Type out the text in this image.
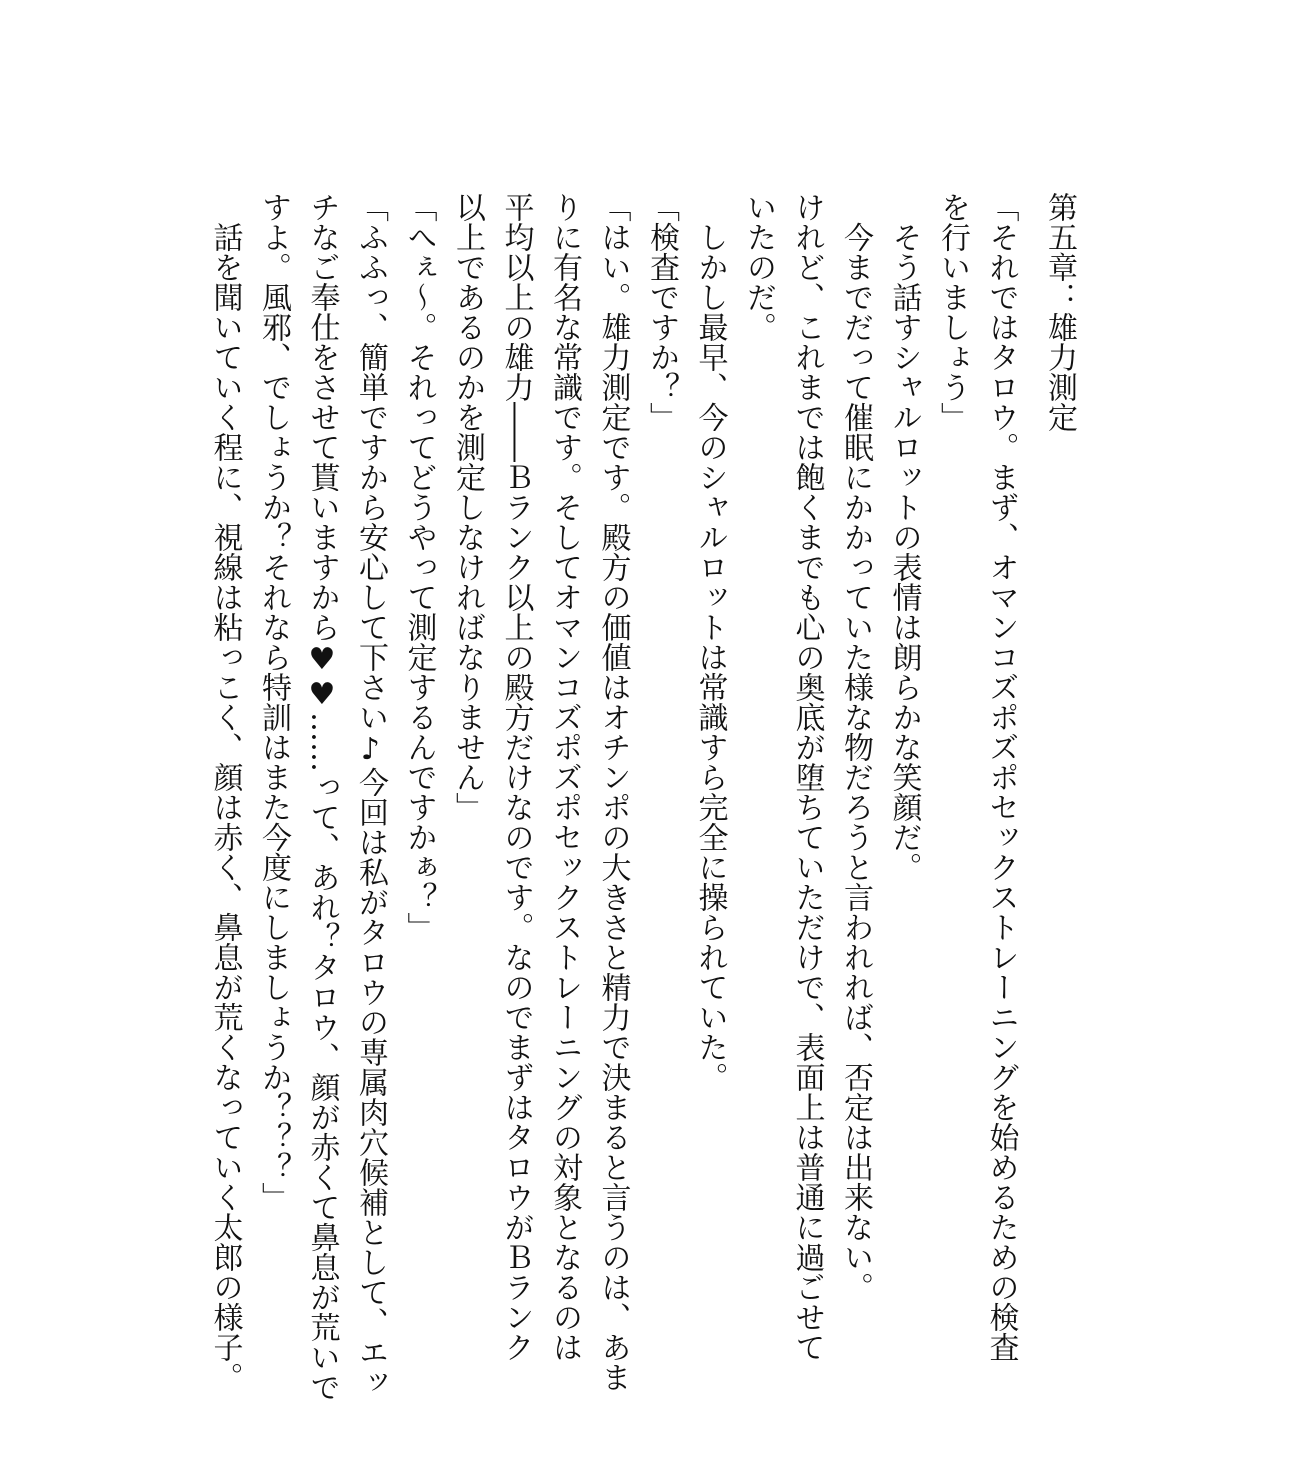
第五章：雄力測定
「それではタロウ。まず、オマンコズポズポセックストレーニングを始めるための検査
を行いましょう」
　そう話すシャルロットの表情は朗らかな笑顔だ。
　今までだって催眠にかかっていた様な物だろうと言われれば、否定は出来ない。
けれど、これまでは飽くまでも心の奥底が堕ちていただけで、表面上は普通に過ごせて
いたのだ。
　しかし最早、今のシャルロットは常識すら完全に操られていた。
「検査ですか？」
「はい。雄力測定です。殿方の価値はオチンポの大きさと精力で決まると言うのは、あま
りに有名な常識です。そしてオマンコズポズポセックストレーニングの対象となるのは
平均以上の雄力――Ｂランク以上の殿方だけなのです。なのでまずはタロウがＢランク
以上であるのかを測定しなければなりません」
「へぇ～。それってどうやって測定するんですかぁ？」
「ふふっ、簡単ですから安心して下さい♪今回は私がタロウの専属肉穴候補として、エッ
チなご奉仕をさせて貰いますから♥♥……って、あれ？タロウ、顔が赤くて鼻息が荒いで
すよ。風邪、でしょうか？それなら特訓はまた今度にしましょうか？？？」
　話を聞いていく程に、視線は粘っこく、顔は赤く、鼻息が荒くなっていく太郎の様子。
